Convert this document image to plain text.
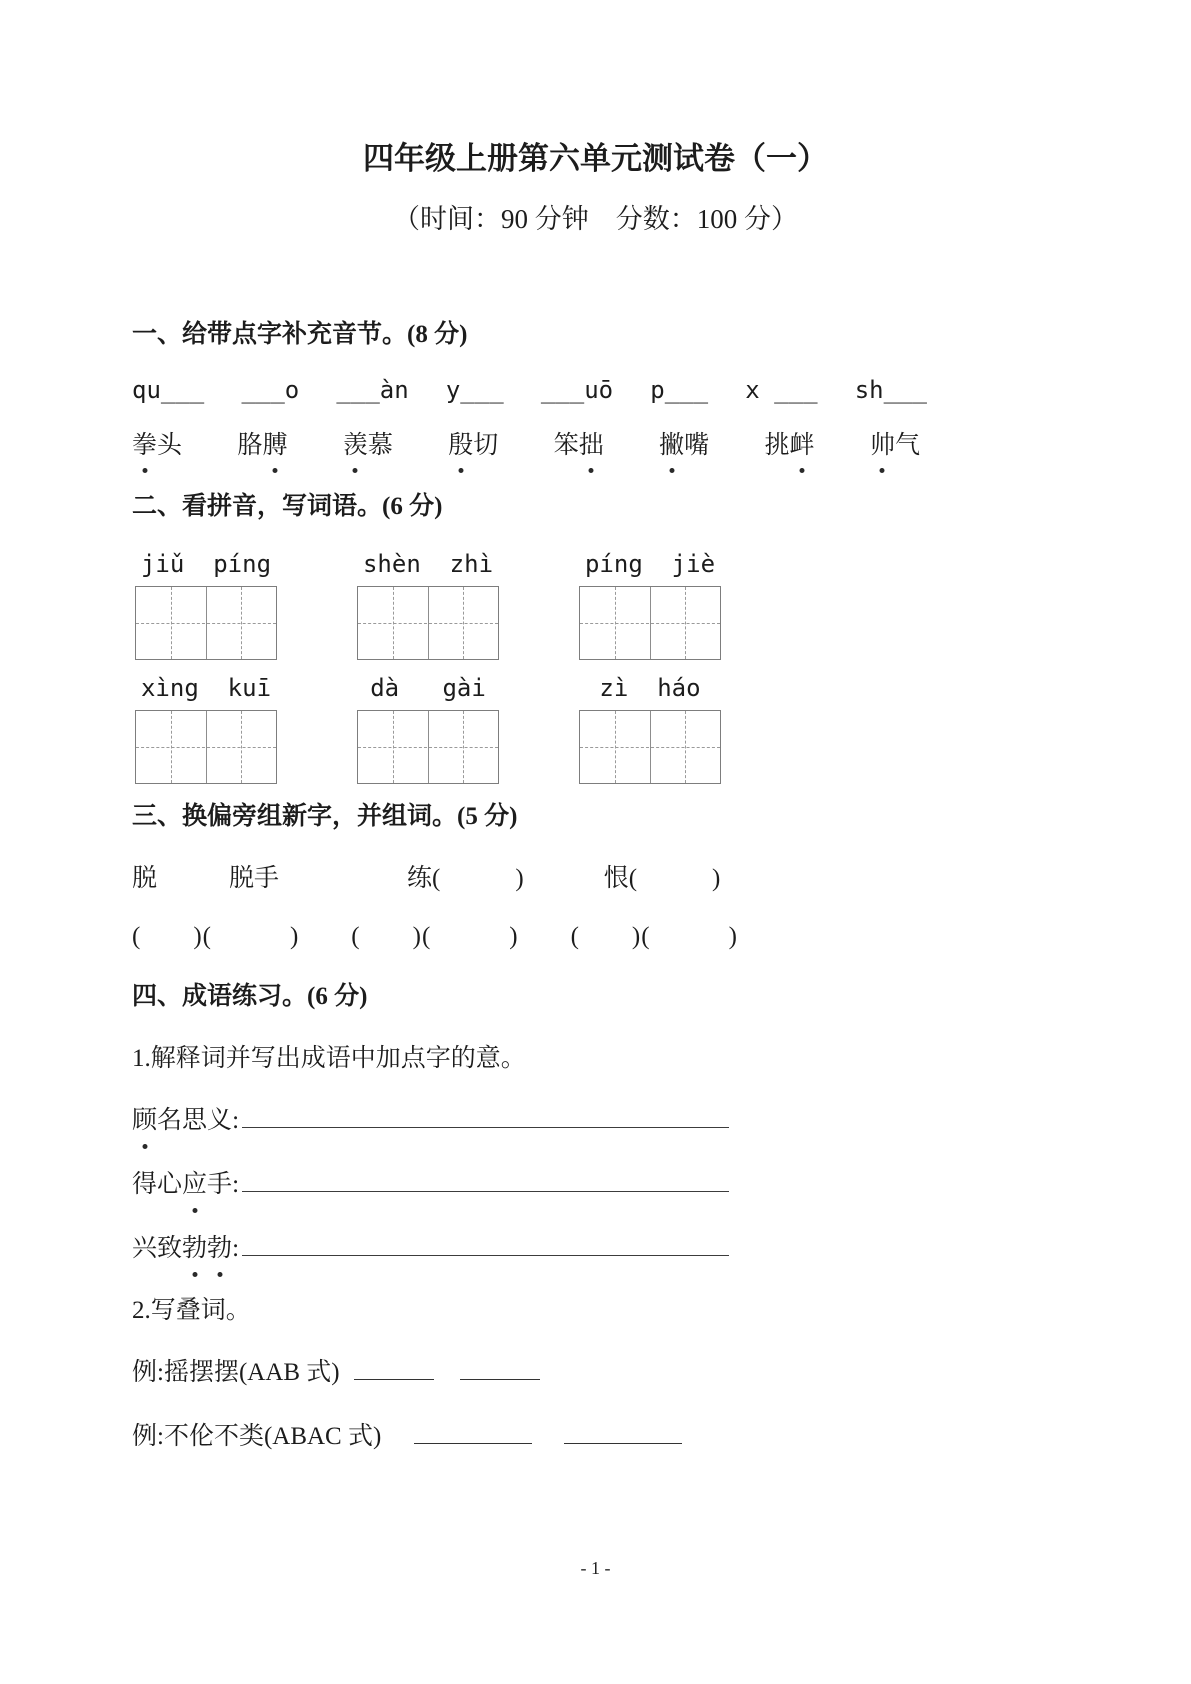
四年级上册第六单元测试卷（一）
（时间：90 分钟　分数：100 分）
一、给带点字补充音节。(8 分)
qu___ ___o ___àn y___ ___uō p___ x ___ sh___
拳头 胳膊 羡慕 殷切 笨拙 撇嘴 挑衅 帅气
二、看拼音，写词语。(6 分)
jiǔ  píng	shèn  zhì	píng  jiè
xìng  kuī	dà   gài	zì  háo
三、换偏旁组新字，并组词。(5 分)
脱	脱手	练(　　　)	恨(　　　)
(　　)(　　　)　　(　　)(　　　)　　(　　)(　　　)
四、成语练习。(6 分)
1.解释词并写出成语中加点字的意。
顾名思义:
得心应手:
兴致勃勃:
2.写叠词。
例:摇摆摆(AAB 式)
例:不伦不类(ABAC 式)
- 1 -
